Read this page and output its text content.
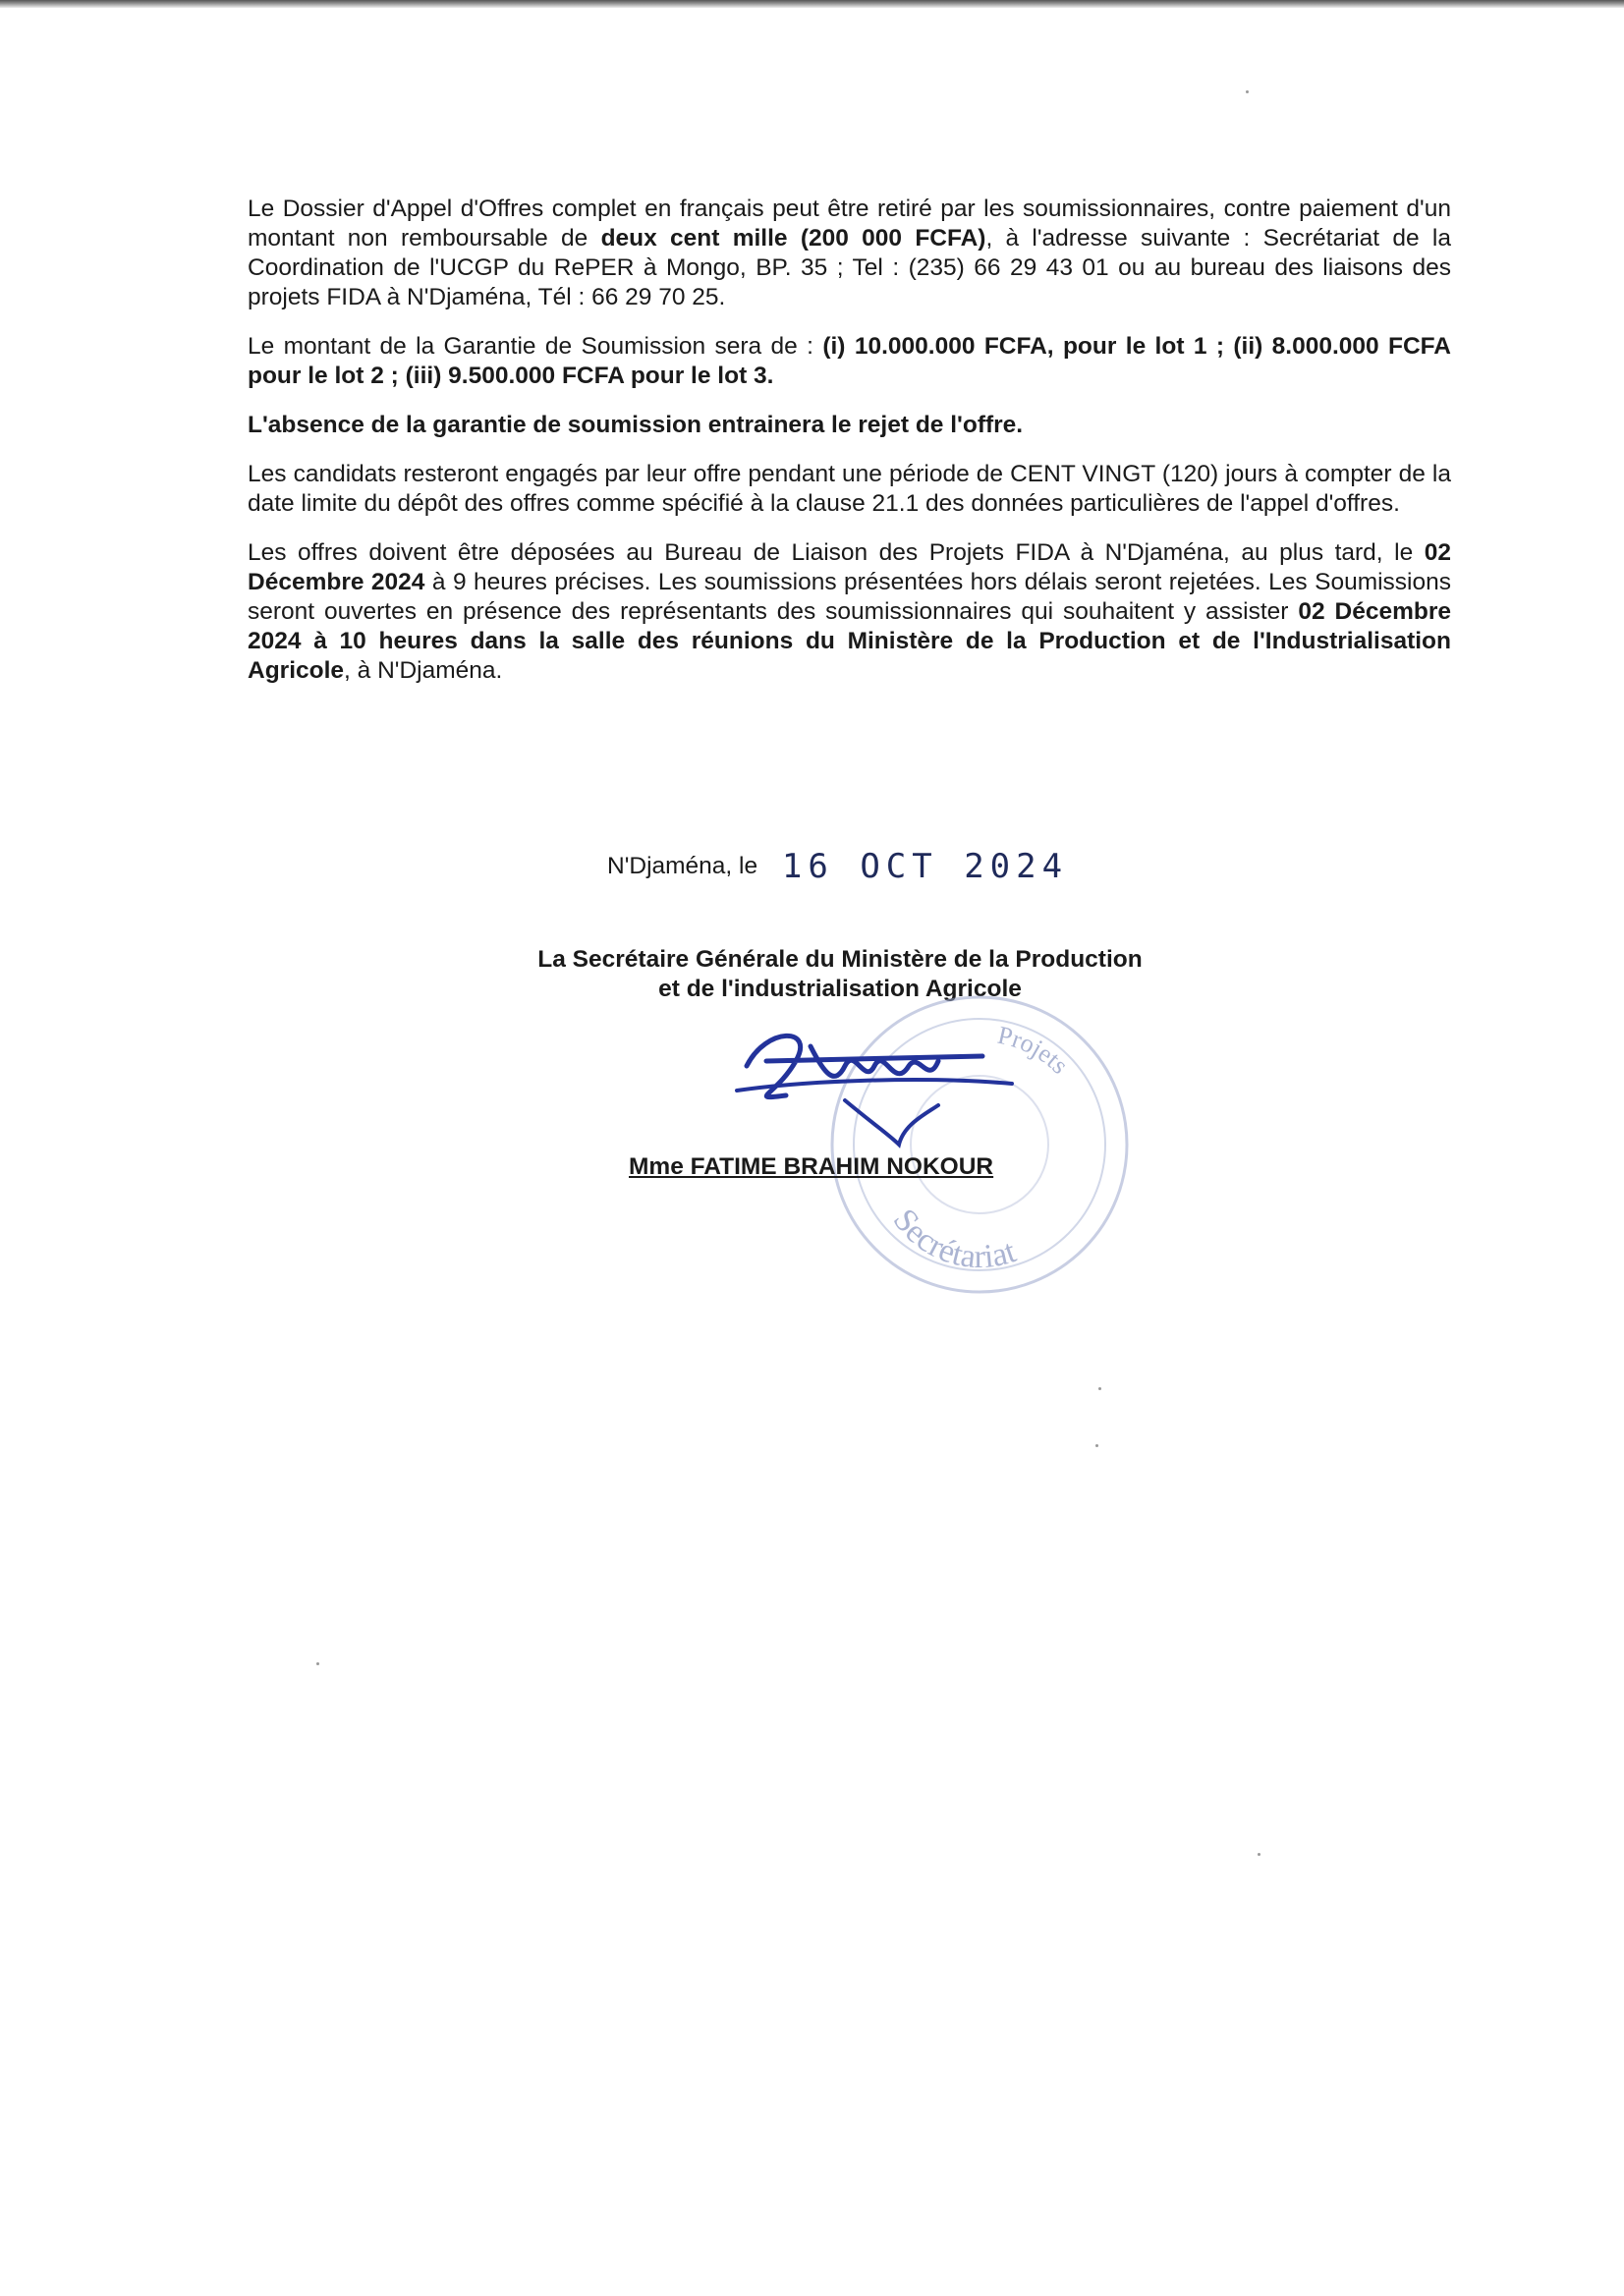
Le Dossier d'Appel d'Offres complet en français peut être retiré par les soumissionnaires, contre paiement d'un montant non remboursable de deux cent mille (200 000 FCFA), à l'adresse suivante : Secrétariat de la Coordination de l'UCGP du RePER à Mongo, BP. 35 ; Tel : (235) 66 29 43 01 ou au bureau des liaisons des projets FIDA à N'Djaména, Tél : 66 29 70 25.

Le montant de la Garantie de Soumission sera de : (i) 10.000.000 FCFA, pour le lot 1 ; (ii) 8.000.000 FCFA pour le lot 2 ; (iii) 9.500.000 FCFA pour le lot 3.

L'absence de la garantie de soumission entrainera le rejet de l'offre.

Les candidats resteront engagés par leur offre pendant une période de CENT VINGT (120) jours à compter de la date limite du dépôt des offres comme spécifié à la clause 21.1 des données particulières de l'appel d'offres.

Les offres doivent être déposées au Bureau de Liaison des Projets FIDA à N'Djaména, au plus tard, le 02 Décembre 2024 à 9 heures précises. Les soumissions présentées hors délais seront rejetées. Les Soumissions seront ouvertes en présence des représentants des soumissionnaires qui souhaitent y assister 02 Décembre 2024 à 10 heures dans la salle des réunions du Ministère de la Production et de l'Industrialisation Agricole, à N'Djaména.

N'Djaména, le 16 OCT 2024
La Secrétaire Générale du Ministère de la Production
et de l'industrialisation Agricole
Projets
Secrétariat
Mme FATIME BRAHIM NOKOUR
